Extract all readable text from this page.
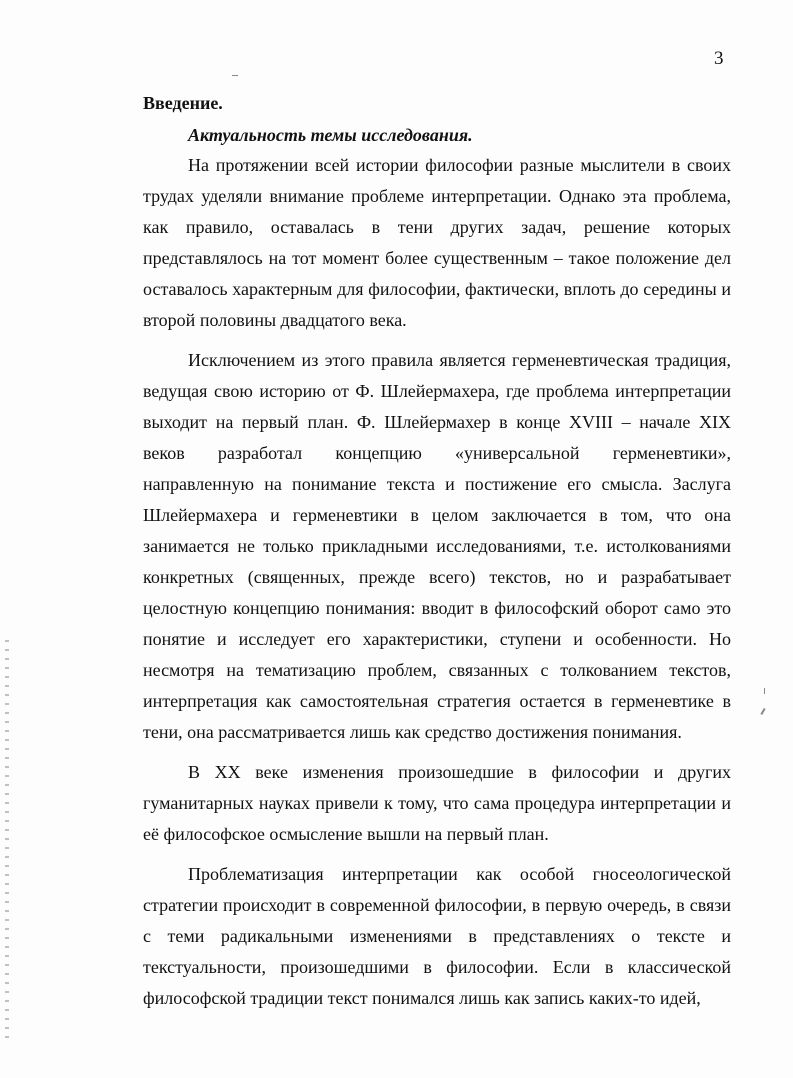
3
Введение.
Актуальность темы исследования.

На протяжении всей истории философии разные мыслители в своих трудах уделяли внимание проблеме интерпретации. Однако эта проблема, как правило, оставалась в тени других задач, решение которых представлялось на тот момент более существенным – такое положение дел оставалось характерным для философии, фактически, вплоть до середины и второй половины двадцатого века.

Исключением из этого правила является герменевтическая традиция, ведущая свою историю от Ф. Шлейермахера, где проблема интерпретации выходит на первый план. Ф. Шлейермахер в конце XVIII – начале XIX веков разработал концепцию «универсальной герменевтики», направленную на понимание текста и постижение его смысла. Заслуга Шлейермахера и герменевтики в целом заключается в том, что она занимается не только прикладными исследованиями, т.е. истолкованиями конкретных (священных, прежде всего) текстов, но и разрабатывает целостную концепцию понимания: вводит в философский оборот само это понятие и исследует его характеристики, ступени и особенности. Но несмотря на тематизацию проблем, связанных с толкованием текстов, интерпретация как самостоятельная стратегия остается в герменевтике в тени, она рассматривается лишь как средство достижения понимания.

В XX веке изменения произошедшие в философии и других гуманитарных науках привели к тому, что сама процедура интерпретации и её философское осмысление вышли на первый план.

Проблематизация интерпретации как особой гносеологической стратегии происходит в современной философии, в первую очередь, в связи с теми радикальными изменениями в представлениях о тексте и текстуальности, произошедшими в философии. Если в классической философской традиции текст понимался лишь как запись каких-то идей,
